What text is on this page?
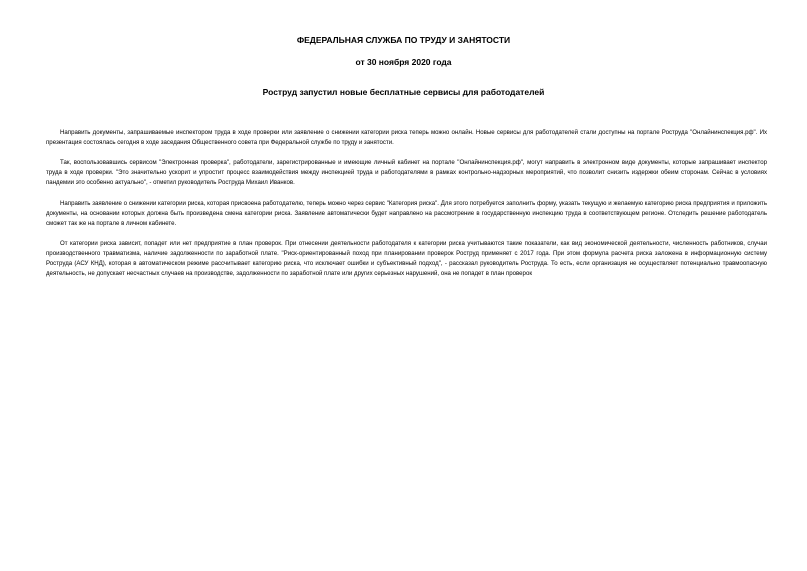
ФЕДЕРАЛЬНАЯ СЛУЖБА ПО ТРУДУ И ЗАНЯТОСТИ
от 30 ноября 2020 года
Роструд запустил новые бесплатные сервисы для работодателей

Направить документы, запрашиваемые инспектором труда в ходе проверки или заявление о снижении категории риска теперь можно онлайн. Новые сервисы для работодателей стали доступны на портале Роструда "Онлайнинспекция.рф". Их презентация состоялась сегодня в ходе заседания Общественного совета при Федеральной службе по труду и занятости.

Так, воспользовавшись сервисом "Электронная проверка", работодатели, зарегистрированные и имеющие личный кабинет на портале "Онлайнинспекция.рф", могут направить в электронном виде документы, которые запрашивает инспектор труда в ходе проверки. "Это значительно ускорит и упростит процесс взаимодействия между инспекцией труда и работодателями в рамках контрольно-надзорных мероприятий, что позволит снизить издержки обеим сторонам. Сейчас в условиях пандемии это особенно актуально", - отметил руководитель Роструда Михаил Иванков.

Направить заявление о снижении категории риска, которая присвоена работодателю, теперь можно через сервис "Категория риска". Для этого потребуется заполнить форму, указать текущую и желаемую категорию риска предприятия и приложить документы, на основании которых должна быть произведена смена категории риска. Заявление автоматически будет направлено на рассмотрение в государственную инспекцию труда в соответствующем регионе. Отследить решение работодатель сможет так же на портале в личном кабинете.

От категории риска зависит, попадет или нет предприятие в план проверок. При отнесении деятельности работодателя к категории риска учитываются такие показатели, как вид экономической деятельности, численность работников, случаи производственного травматизма, наличие задолженности по заработной плате. "Риск-ориентированный поход при планировании проверок Роструд применяет с 2017 года. При этом формула расчета риска заложена в информационную систему Роструда (АСУ КНД), которая в автоматическом режиме рассчитывает категорию риска, что исключает ошибки и субъективный подход", - рассказал руководитель Роструда. То есть, если организация не осуществляет потенциально травмоопасную деятельность, не допускает несчастных случаев на производстве, задолженности по заработной плате или других серьезных нарушений, она не попадет в план проверок
